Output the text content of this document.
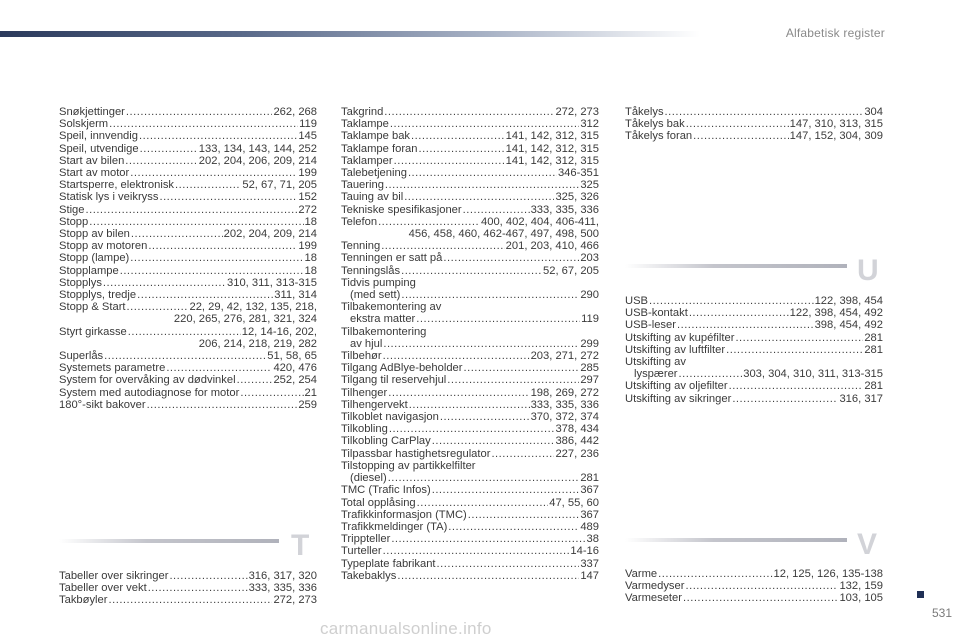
Alfabetisk register
Snøkjettinger .....	262, 268
Solskjerm .....	119
Speil, innvendig .....	145
Speil, utvendige .....	133, 134, 143, 144, 252
Start av bilen .....	202, 204, 206, 209, 214
Start av motor .....	199
Startsperre, elektronisk .....	52, 67, 71, 205
Statisk lys i veikryss .....	152
Stige .....	272
Stopp .....	18
Stopp av bilen .....	202, 204, 209, 214
Stopp av motoren .....	199
Stopp (lampe) .....	18
Stopplampe .....	18
Stopplys .....	310, 311, 313-315
Stopplys, tredje .....	311, 314
Stopp & Start .....	22, 29, 42, 132, 135, 218,
220, 265, 276, 281, 321, 324
Styrt girkasse .....	12, 14-16, 202,
206, 214, 218, 219, 282
Superlås .....	51, 58, 65
Systemets parametre .....	420, 476
System for overvåking av dødvinkel .....	252, 254
System med autodiagnose for motor .....	21
180°-sikt bakover .....	259
Takgrind .....	272, 273
Taklampe .....	312
Taklampe bak .....	141, 142, 312, 315
Taklampe foran .....	141, 142, 312, 315
Taklamper .....	141, 142, 312, 315
Talebetjening .....	346-351
Tauering .....	325
Tauing av bil .....	325, 326
Tekniske spesifikasjoner .....	333, 335, 336
Telefon .....	400, 402, 404, 406-411,
456, 458, 460, 462-467, 497, 498, 500
Tenning .....	201, 203, 410, 466
Tenningen er satt på .....	203
Tenningslås .....	52, 67, 205
Tidvis pumping
(med sett) .....	290
Tilbakemontering av
ekstra matter .....	119
Tilbakemontering
av hjul .....	299
Tilbehør .....	203, 271, 272
Tilgang AdBlye-beholder .....	285
Tilgang til reservehjul .....	297
Tilhenger .....	198, 269, 272
Tilhengervekt .....	333, 335, 336
Tilkoblet navigasjon .....	370, 372, 374
Tilkobling .....	378, 434
Tilkobling CarPlay .....	386, 442
Tilpassbar hastighetsregulator .....	227, 236
Tilstopping av partikkelfilter
(diesel) .....	281
TMC (Trafic Infos) .....	367
Total opplåsing .....	47, 55, 60
Trafikkinformasjon (TMC) .....	367
Trafikkmeldinger (TA) .....	489
Trippteller .....	38
Turteller .....	14-16
Typeplate fabrikant .....	337
Takebaklys .....	147
Tåkelys .....	304
Tåkelys bak .....	147, 310, 313, 315
Tåkelys foran .....	147, 152, 304, 309
T
Tabeller over sikringer .....	316, 317, 320
Tabeller over vekt .....	333, 335, 336
Takbøyler .....	272, 273
U
USB .....	122, 398, 454
USB-kontakt .....	122, 398, 454, 492
USB-leser .....	398, 454, 492
Utskifting av kupéfilter .....	281
Utskifting av luftfilter .....	281
Utskifting av
lyspærer .....	303, 304, 310, 311, 313-315
Utskifting av oljefilter .....	281
Utskifting av sikringer .....	316, 317
V
Varme .....	12, 125, 126, 135-138
Varmedyser .....	132, 159
Varmeseter .....	103, 105
531
carmanualsonline.info
